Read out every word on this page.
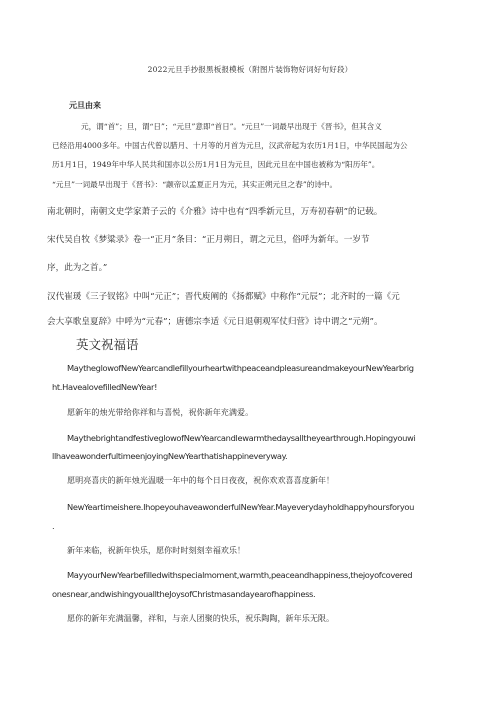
2022元旦手抄报黑板报模板（附图片装饰物好词好句好段）
元旦由来
元，谓“首”；旦，谓“日”；“元旦”意即“首日”。“元旦”一词最早出现于《晋书》，但其含义
已经沿用4000多年。中国古代曾以腊月、十月等的月首为元旦，汉武帝起为农历1月1日，中华民国起为公
历1月1日，1949年中华人民共和国亦以公历1月1日为元旦，因此元旦在中国也被称为“阳历年”。
“元旦”一词最早出现于《晋书》：“颛帝以孟夏正月为元，其实正朔元旦之春”的诗中。
南北朝时，南朝文史学家萧子云的《介雅》诗中也有“四季新元旦，万寿初春朝”的记载。
宋代吴自牧《梦粱录》卷一“正月”条目：“正月朔日，谓之元旦，俗呼为新年。一岁节
序，此为之首。”
汉代崔瑗《三子钗铭》中叫“元正”；晋代庾阐的《扬都赋》中称作“元辰”；北齐时的一篇《元
会大享歌皇夏辞》中呼为“元春”；唐德宗李适《元日退朝观军仗归营》诗中谓之“元朔”。
英文祝福语
MaytheglowofNewYearcandlefillyourheartwithpeaceandpleasureandmakeyourNewYearbrig
ht.HavealovefilledNewYear!
愿新年的烛光带给你祥和与喜悦，祝你新年充满爱。
MaythebrightandfestiveglowofNewYearcandlewarmthedaysalltheyearthrough.Hopingyouwi
llhaveawonderfultimeenjoyingNewYearthatishappineveryway.
愿明亮喜庆的新年烛光温暖一年中的每个日日夜夜，祝你欢欢喜喜度新年！
NewYeartimeishere.IhopeyouhaveawonderfulNewYear.Mayeverydayholdhappyhoursforyou
.
新年来临，祝新年快乐，愿你时时刻刻幸福欢乐！
MayyourNewYearbefilledwithspecialmoment,warmth,peaceandhappiness,thejoyofcovered
onesnear,andwishingyoualltheJoysofChristmasandayearofhappiness.
愿你的新年充满温馨，祥和，与亲人团聚的快乐，祝乐陶陶，新年乐无限。
